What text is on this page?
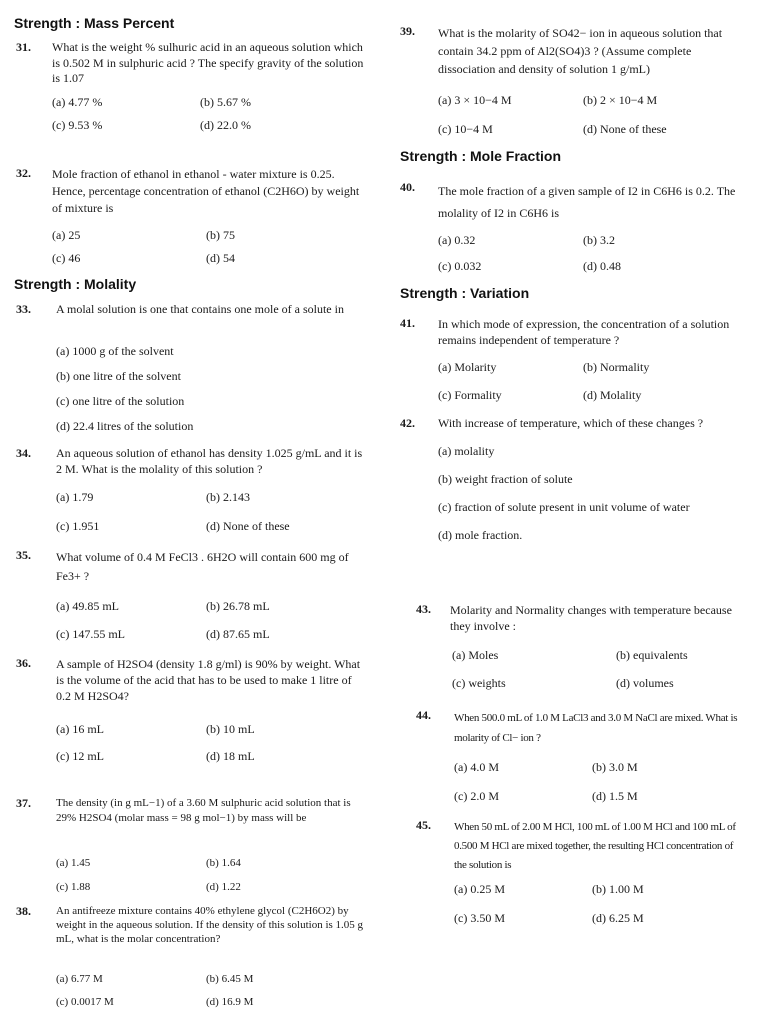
Strength : Mass Percent
31. What is the weight % sulhuric acid in an aqueous solution which is 0.502 M in sulphuric acid ? The specify gravity of the solution is 1.07
(a) 4.77 %	(b) 5.67 %
(c) 9.53 %	(d) 22.0 %
32. Mole fraction of ethanol in ethanol - water mixture is 0.25. Hence, percentage concentration of ethanol (C2H6O) by weight of mixture is
(a) 25	(b) 75
(c) 46	(d) 54
Strength : Molality
33. A molal solution is one that contains one mole of a solute in
(a) 1000 g of the solvent
(b) one litre of the solvent
(c) one litre of the solution
(d) 22.4 litres of the solution
34. An aqueous solution of ethanol has density 1.025 g/mL and it is 2 M. What is the molality of this solution ?
(a) 1.79	(b) 2.143
(c) 1.951	(d) None of these
35. What volume of 0.4 M FeCl3 . 6H2O will contain 600 mg of Fe3+ ?
(a) 49.85 mL	(b) 26.78 mL
(c) 147.55 mL	(d) 87.65 mL
36. A sample of H2SO4 (density 1.8 g/ml) is 90% by weight. What is the volume of the acid that has to be used to make 1 litre of 0.2 M H2SO4?
(a) 16 mL	(b) 10 mL
(c) 12 mL	(d) 18 mL
37. The density (in g mL−1) of a 3.60 M sulphuric acid solution that is 29% H2SO4 (molar mass = 98 g mol−1) by mass will be
(a) 1.45	(b) 1.64
(c) 1.88	(d) 1.22
38. An antifreeze mixture contains 40% ethylene glycol (C2H6O2) by weight in the aqueous solution. If the density of this solution is 1.05 g mL, what is the molar concentration?
(a) 6.77 M	(b) 6.45 M
(c) 0.0017 M	(d) 16.9 M
39. What is the molarity of SO42− ion in aqueous solution that contain 34.2 ppm of Al2(SO4)3 ? (Assume complete dissociation and density of solution 1 g/mL)
(a) 3 × 10−4 M	(b) 2 × 10−4 M
(c) 10−4 M	(d) None of these
Strength : Mole Fraction
40. The mole fraction of a given sample of I2 in C6H6 is 0.2. The molality of I2 in C6H6 is
(a) 0.32	(b) 3.2
(c) 0.032	(d) 0.48
Strength : Variation
41. In which mode of expression, the concentration of a solution remains independent of temperature ?
(a) Molarity	(b) Normality
(c) Formality	(d) Molality
42. With increase of temperature, which of these changes ?
(a) molality
(b) weight fraction of solute
(c) fraction of solute present in unit volume of water
(d) mole fraction.
43. Molarity and Normality changes with temperature because they involve :
(a) Moles	(b) equivalents
(c) weights	(d) volumes
44. When 500.0 mL of 1.0 M LaCl3 and 3.0 M NaCl are mixed. What is molarity of Cl− ion ?
(a) 4.0 M	(b) 3.0 M
(c) 2.0 M	(d) 1.5 M
45. When 50 mL of 2.00 M HCl, 100 mL of 1.00 M HCl and 100 mL of 0.500 M HCl are mixed together, the resulting HCl concentration of the solution is
(a) 0.25 M	(b) 1.00 M
(c) 3.50 M	(d) 6.25 M
